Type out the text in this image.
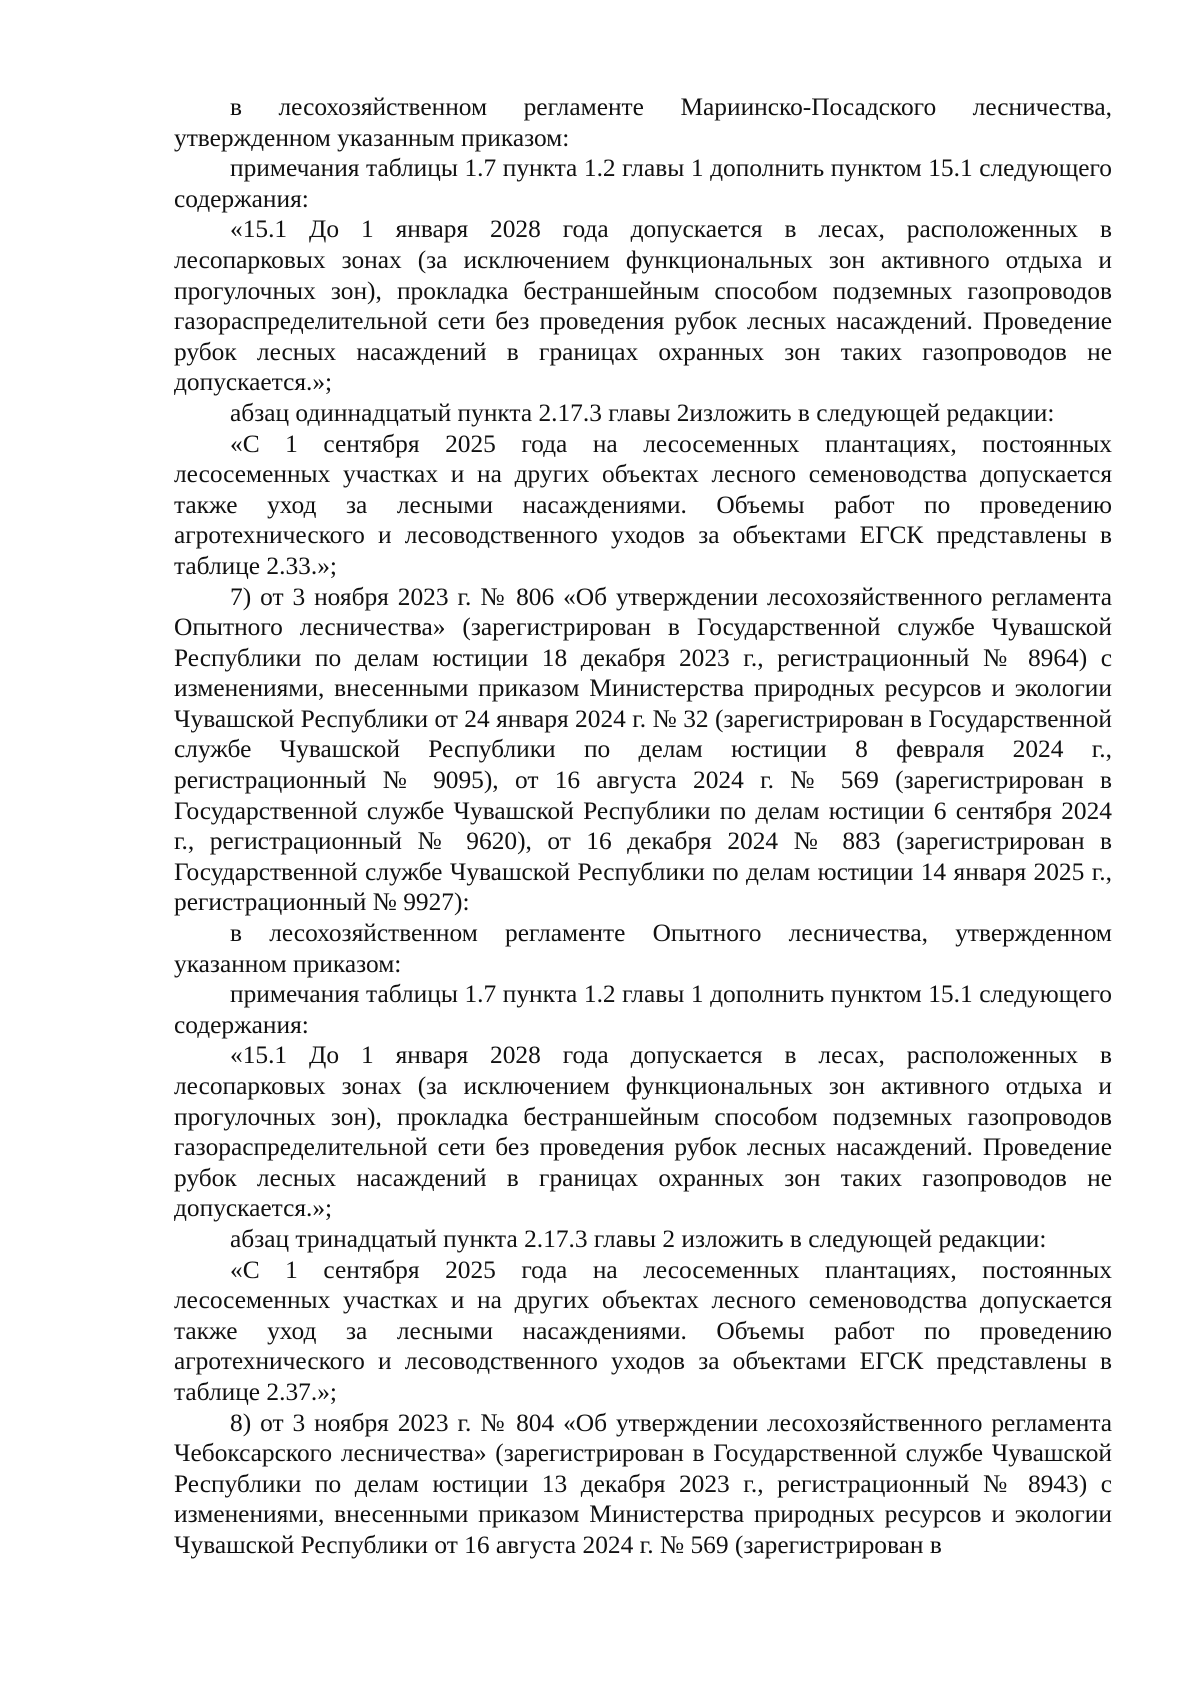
в лесохозяйственном регламенте Мариинско-Посадского лесничества, утвержденном указанным приказом:

примечания таблицы 1.7 пункта 1.2 главы 1 дополнить пунктом 15.1 следующего содержания:

«15.1 До 1 января 2028 года допускается в лесах, расположенных в лесопарковых зонах (за исключением функциональных зон активного отдыха и прогулочных зон), прокладка бестраншейным способом подземных газопроводов газораспределительной сети без проведения рубок лесных насаждений. Проведение рубок лесных насаждений в границах охранных зон таких газопроводов не допускается.»;

абзац одиннадцатый пункта 2.17.3 главы 2изложить в следующей редакции:

«С 1 сентября 2025 года на лесосеменных плантациях, постоянных лесосеменных участках и на других объектах лесного семеноводства допускается также уход за лесными насаждениями. Объемы работ по проведению агротехнического и лесоводственного уходов за объектами ЕГСК представлены в таблице 2.33.»;

7) от 3 ноября 2023 г. № 806 «Об утверждении лесохозяйственного регламента Опытного лесничества» (зарегистрирован в Государственной службе Чувашской Республики по делам юстиции 18 декабря 2023 г., регистрационный № 8964) с изменениями, внесенными приказом Министерства природных ресурсов и экологии Чувашской Республики от 24 января 2024 г. № 32 (зарегистрирован в Государственной службе Чувашской Республики по делам юстиции 8 февраля 2024 г., регистрационный № 9095), от 16 августа 2024 г. № 569 (зарегистрирован в Государственной службе Чувашской Республики по делам юстиции 6 сентября 2024 г., регистрационный № 9620), от 16 декабря 2024 № 883 (зарегистрирован в Государственной службе Чувашской Республики по делам юстиции 14 января 2025 г., регистрационный № 9927):

в лесохозяйственном регламенте Опытного лесничества, утвержденном указанном приказом:

примечания таблицы 1.7 пункта 1.2 главы 1 дополнить пунктом 15.1 следующего содержания:

«15.1 До 1 января 2028 года допускается в лесах, расположенных в лесопарковых зонах (за исключением функциональных зон активного отдыха и прогулочных зон), прокладка бестраншейным способом подземных газопроводов газораспределительной сети без проведения рубок лесных насаждений. Проведение рубок лесных насаждений в границах охранных зон таких газопроводов не допускается.»;

абзац тринадцатый пункта 2.17.3 главы 2 изложить в следующей редакции:

«С 1 сентября 2025 года на лесосеменных плантациях, постоянных лесосеменных участках и на других объектах лесного семеноводства допускается также уход за лесными насаждениями. Объемы работ по проведению агротехнического и лесоводственного уходов за объектами ЕГСК представлены в таблице 2.37.»;

8) от 3 ноября 2023 г. № 804 «Об утверждении лесохозяйственного регламента Чебоксарского лесничества» (зарегистрирован в Государственной службе Чувашской Республики по делам юстиции 13 декабря 2023 г., регистрационный № 8943) с изменениями, внесенными приказом Министерства природных ресурсов и экологии Чувашской Республики от 16 августа 2024 г. № 569 (зарегистрирован в
